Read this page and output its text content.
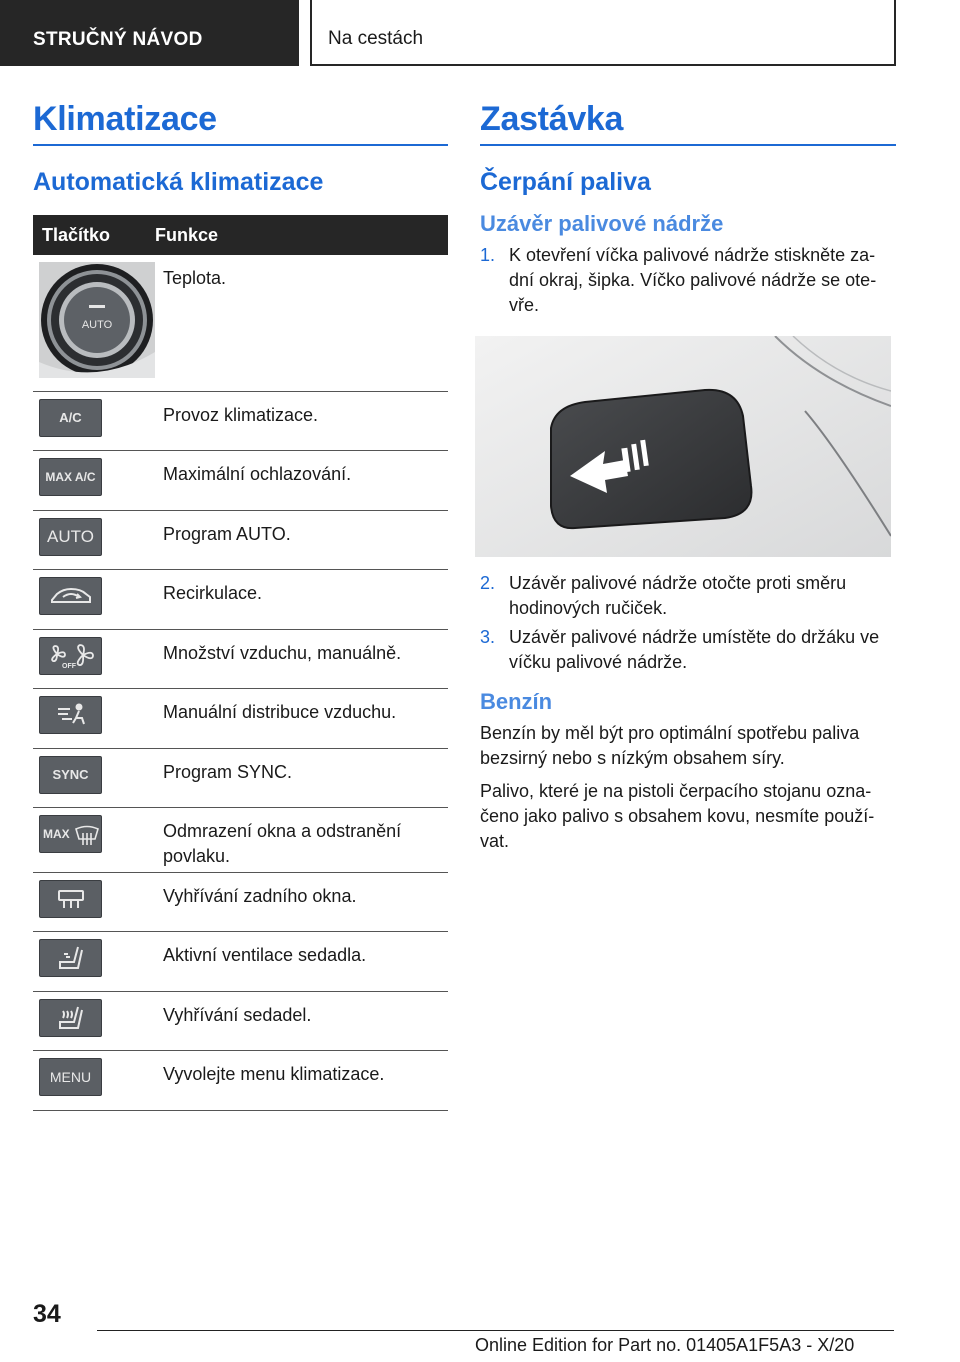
STRUČNÝ NÁVOD	Na cestách
Klimatizace
Automatická klimatizace
Tlačítko	Funkce

AUTO	Teplota.

A/C	Provoz klimatizace.

MAX A/C	Maximální ochlazování.

AUTO	Program AUTO.

	Recirkulace.

OFF	Množství vzduchu, manuálně.

	Manuální distribuce vzduchu.

SYNC	Program SYNC.

MAX	Odmrazení okna a odstranění povlaku.

	Vyhřívání zadního okna.

	Aktivní ventilace sedadla.

	Vyhřívání sedadel.

MENU	Vyvolejte menu klimatizace.
Zastávka
Čerpání paliva
Uzávěr palivové nádrže
1. K otevření víčka palivové nádrže stiskněte za-dní okraj, šipka. Víčko palivové nádrže se ote-vře.
2. Uzávěr palivové nádrže otočte proti směru hodinových ručiček.
3. Uzávěr palivové nádrže umístěte do držáku ve víčku palivové nádrže.
Benzín

Benzín by měl být pro optimální spotřebu paliva bezsirný nebo s nízkým obsahem síry.

Palivo, které je na pistoli čerpacího stojanu ozna-čeno jako palivo s obsahem kovu, nesmíte použí-vat.

34
Online Edition for Part no. 01405A1F5A3 - X/20
